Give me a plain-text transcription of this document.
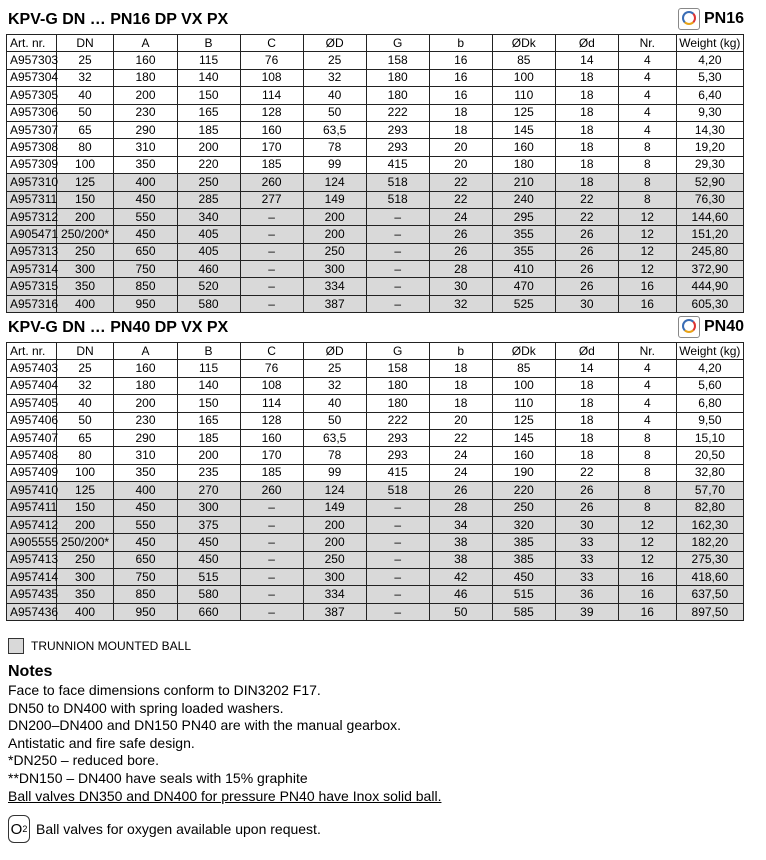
KPV-G DN … PN16 DP VX PX	PN16
Art. nr.	DN	A	B	C	ØD	G	b	ØDk	Ød	Nr.	Weight (kg)
A957303	25	160	115	76	25	158	16	85	14	4	4,20
A957304	32	180	140	108	32	180	16	100	18	4	5,30
A957305	40	200	150	114	40	180	16	110	18	4	6,40
A957306	50	230	165	128	50	222	18	125	18	4	9,30
A957307	65	290	185	160	63,5	293	18	145	18	4	14,30
A957308	80	310	200	170	78	293	20	160	18	8	19,20
A957309	100	350	220	185	99	415	20	180	18	8	29,30
A957310	125	400	250	260	124	518	22	210	18	8	52,90
A957311	150	450	285	277	149	518	22	240	22	8	76,30
A957312	200	550	340	–	200	–	24	295	22	12	144,60
A905471	250/200*	450	405	–	200	–	26	355	26	12	151,20
A957313	250	650	405	–	250	–	26	355	26	12	245,80
A957314	300	750	460	–	300	–	28	410	26	12	372,90
A957315	350	850	520	–	334	–	30	470	26	16	444,90
A957316	400	950	580	–	387	–	32	525	30	16	605,30
KPV-G DN … PN40 DP VX PX	PN40
Art. nr.	DN	A	B	C	ØD	G	b	ØDk	Ød	Nr.	Weight (kg)
A957403	25	160	115	76	25	158	18	85	14	4	4,20
A957404	32	180	140	108	32	180	18	100	18	4	5,60
A957405	40	200	150	114	40	180	18	110	18	4	6,80
A957406	50	230	165	128	50	222	20	125	18	4	9,50
A957407	65	290	185	160	63,5	293	22	145	18	8	15,10
A957408	80	310	200	170	78	293	24	160	18	8	20,50
A957409	100	350	235	185	99	415	24	190	22	8	32,80
A957410	125	400	270	260	124	518	26	220	26	8	57,70
A957411	150	450	300	–	149	–	28	250	26	8	82,80
A957412	200	550	375	–	200	–	34	320	30	12	162,30
A905555	250/200*	450	450	–	200	–	38	385	33	12	182,20
A957413	250	650	450	–	250	–	38	385	33	12	275,30
A957414	300	750	515	–	300	–	42	450	33	16	418,60
A957435	350	850	580	–	334	–	46	515	36	16	637,50
A957436	400	950	660	–	387	–	50	585	39	16	897,50
TRUNNION MOUNTED BALL
Notes
Face to face dimensions conform to DIN3202 F17.
DN50 to DN400 with spring loaded washers.
DN200–DN400 and DN150 PN40 are with the manual gearbox.
Antistatic and fire safe design.
*DN250 – reduced bore.
**DN150 – DN400 have seals with 15% graphite
Ball valves DN350 and DN400 for pressure PN40 have Inox solid ball.
O 2 Ball valves for oxygen available upon request.
